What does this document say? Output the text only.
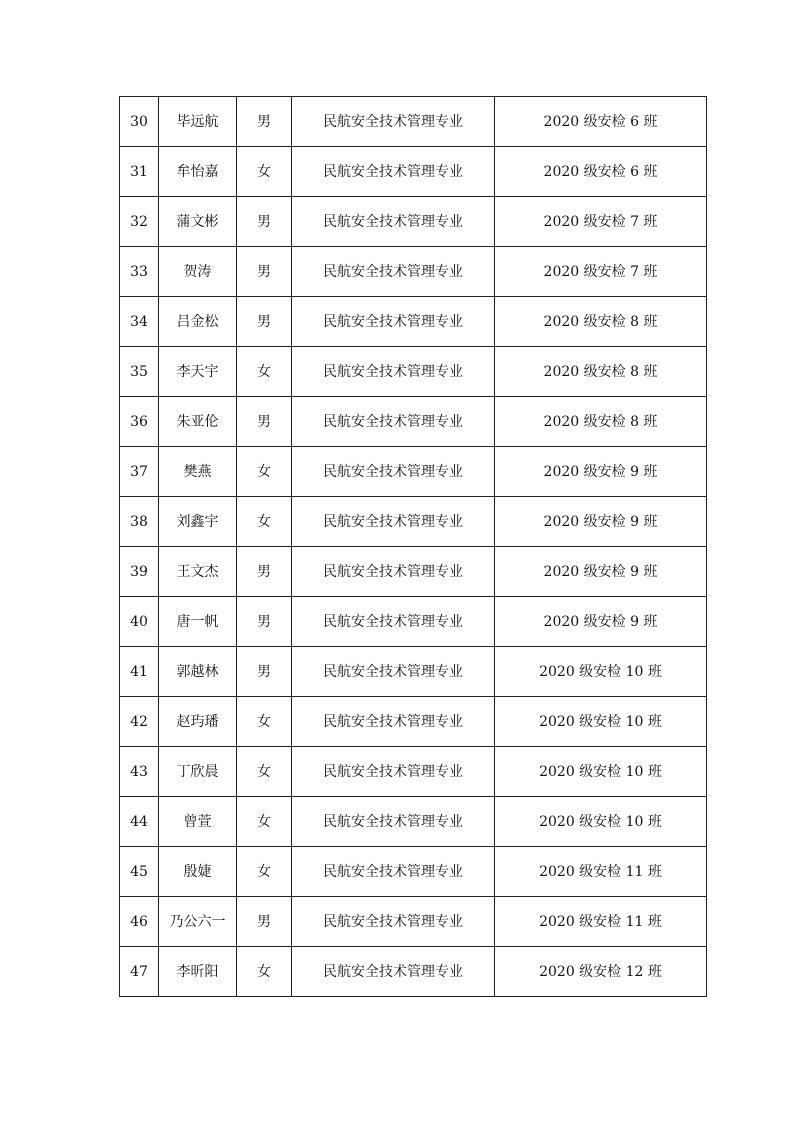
30	毕远航	男	民航安全技术管理专业	2020 级安检 6 班
31	牟怡嘉	女	民航安全技术管理专业	2020 级安检 6 班
32	蒲文彬	男	民航安全技术管理专业	2020 级安检 7 班
33	贺涛	男	民航安全技术管理专业	2020 级安检 7 班
34	吕金松	男	民航安全技术管理专业	2020 级安检 8 班
35	李天宇	女	民航安全技术管理专业	2020 级安检 8 班
36	朱亚伦	男	民航安全技术管理专业	2020 级安检 8 班
37	樊燕	女	民航安全技术管理专业	2020 级安检 9 班
38	刘鑫宇	女	民航安全技术管理专业	2020 级安检 9 班
39	王文杰	男	民航安全技术管理专业	2020 级安检 9 班
40	唐一帆	男	民航安全技术管理专业	2020 级安检 9 班
41	郭越林	男	民航安全技术管理专业	2020 级安检 10 班
42	赵玙璠	女	民航安全技术管理专业	2020 级安检 10 班
43	丁欣晨	女	民航安全技术管理专业	2020 级安检 10 班
44	曾萱	女	民航安全技术管理专业	2020 级安检 10 班
45	殷婕	女	民航安全技术管理专业	2020 级安检 11 班
46	乃公六一	男	民航安全技术管理专业	2020 级安检 11 班
47	李昕阳	女	民航安全技术管理专业	2020 级安检 12 班
